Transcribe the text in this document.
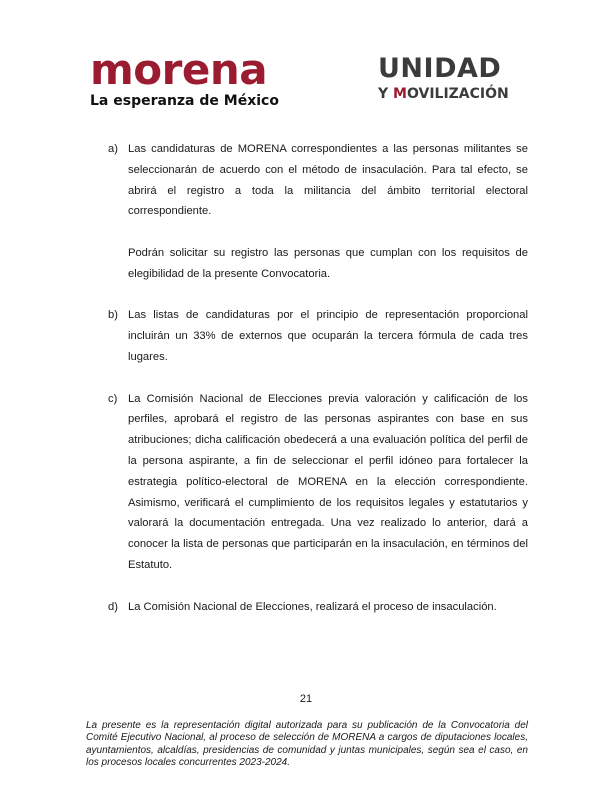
morena
La esperanza de México
UNIDAD
Y MOVILIZACIÓN
a) Las candidaturas de MORENA correspondientes a las personas militantes se seleccionarán de acuerdo con el método de insaculación. Para tal efecto, se abrirá el registro a toda la militancia del ámbito territorial electoral correspondiente.

Podrán solicitar su registro las personas que cumplan con los requisitos de elegibilidad de la presente Convocatoria.

b) Las listas de candidaturas por el principio de representación proporcional incluirán un 33% de externos que ocuparán la tercera fórmula de cada tres lugares.

c) La Comisión Nacional de Elecciones previa valoración y calificación de los perfiles, aprobará el registro de las personas aspirantes con base en sus atribuciones; dicha calificación obedecerá a una evaluación política del perfil de la persona aspirante, a fin de seleccionar el perfil idóneo para fortalecer la estrategia político-electoral de MORENA en la elección correspondiente. Asimismo, verificará el cumplimiento de los requisitos legales y estatutarios y valorará la documentación entregada. Una vez realizado lo anterior, dará a conocer la lista de personas que participarán en la insaculación, en términos del Estatuto.

d) La Comisión Nacional de Elecciones, realizará el proceso de insaculación.

21
La presente es la representación digital autorizada para su publicación de la Convocatoria del Comité Ejecutivo Nacional, al proceso de selección de MORENA a cargos de diputaciones locales, ayuntamientos, alcaldías, presidencias de comunidad y juntas municipales, según sea el caso, en los procesos locales concurrentes 2023-2024.
